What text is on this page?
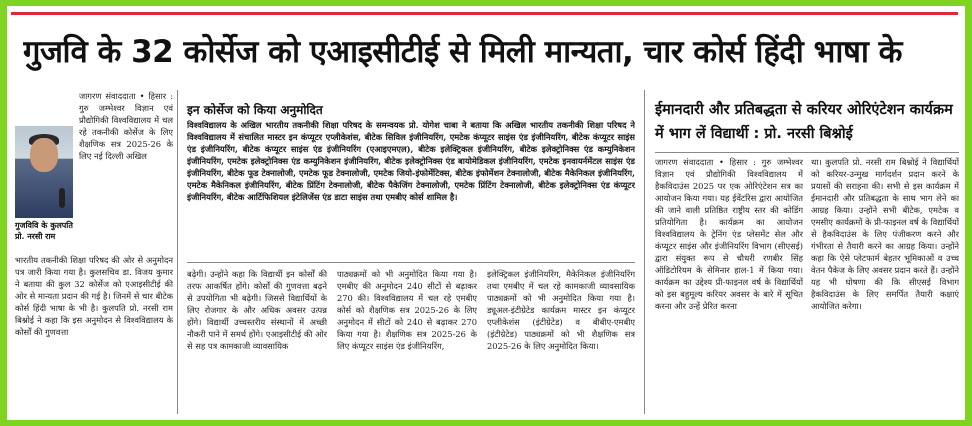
गुजवि के 32 कोर्सेज को एआइसीटीई से मिली मान्यता, चार कोर्स हिंदी भाषा के
जागरण संवाददाता • हिसार : गुरु जम्भेश्वर विज्ञान एवं प्रौद्योगिकी विश्वविद्यालय में चल रहे तकनीकी कोर्सेज के लिए शैक्षणिक सत्र 2025-26 के लिए नई दिल्ली अखिल
गुजविवि के कुलपति प्रो. नरसी राम
भारतीय तकनीकी शिक्षा परिषद की ओर से अनुमोदन पत्र जारी किया गया है। कुलसचिव डा. विजय कुमार ने बताया की कुल 32 कोर्सेज को एआइसीटीई की ओर से मान्यता प्रदान की गई है। जिनमें से चार बीटेक कोर्स हिंदी भाषा के भी है। कुलपति प्रो. नरसी राम बिश्नोई ने कहा कि इस अनुमोदन से विश्वविद्यालय के कोर्सों की गुणवत्ता
इन कोर्सेज को किया अनुमोदित
विश्वविद्यालय के अखिल भारतीय तकनीकी शिक्षा परिषद के समन्वयक प्रो. योगेश चाबा ने बताया कि अखिल भारतीय तकनीकी शिक्षा परिषद ने विश्वविद्यालय में संचालित मास्टर इन कंप्यूटर एप्लीकेशंस, बीटेक सिविल इंजीनियरिंग, एमटेक कंप्यूटर साइंस एंड इंजीनियरिंग, बीटेक कंप्यूटर साइंस एंड इंजीनियरिंग, बीटेक कंप्यूटर साइंस एंड इंजीनियरिंग (एआइएमएल), बीटेक इलेक्ट्रिकल इंजीनियरिंग, बीटेक इलेक्ट्रोनिक्स एंड कम्युनिकेशन इंजीनियरिंग, एमटेक इलेक्ट्रोनिक्स एंड कम्युनिकेशन इंजीनियरिंग, बीटेक इलेक्ट्रोनिक्स एंड बायोमेडिकल इंजीनियरिंग, एमटेक इनवायर्नमेंटल साइंस एंड इंजीनियरिंग, बीटेक फूड टेक्नालोजी, एमटेक फूड टेक्नालोजी, एमटेक जियो-इंफोर्मेटिक्स, बीटेक इंफोर्मेशन टेक्नालोजी, बीटेक मैकेनिकल इंजीनियरिंग, एमटेक मैकेनिकल इंजीनियरिंग, बीटेक प्रिंटिंग टेक्नालोजी, बीटेक पैकेजिंग टेक्नालोजी, एमटेक प्रिंटिंग टेक्नालोजी, बीटेक इलेक्ट्रोनिक्स एंड कंप्यूटर इंजीनियरिंग, बीटेक आर्टिफिशियल इंटेलिजेंस एंड डाटा साइंस तथा एमबीए कोर्स शामिल है।
बढ़ेगी। उन्होंने कहा कि विद्यार्थी इन कोर्सों की तरफ आकर्षित होंगे। कोर्सों की गुणवत्ता बढ़ने से उपयोगिता भी बढ़ेगी। जिससे विद्यार्थियों के लिए रोजगार के और अधिक अवसर उत्पन्न होंगे। विद्यार्थी उच्चस्तरीय संस्थानों में अच्छी नौकरी पाने में समर्थ होंगे। एआइसीटीई की ओर से सह पत्र कामकाजी व्यावसायिक
पाठ्यक्रमों को भी अनुमोदित किया गया है। एमबीए की अनुमोदन 240 सीटों से बढ़ाकर 270 की। विश्वविद्यालय में चल रहे एमबीए कोर्स को शैक्षणिक सत्र 2025-26 के लिए अनुमोदन में सीटों को 240 से बढ़ाकर 270 किया गया है। शैक्षणिक सत्र 2025-26 के लिए कंप्यूटर साइंस एंड इंजीनियरिंग,
इलेक्ट्रिकल इंजीनियरिंग, मैकेनिकल इंजीनियरिंग तथा एमबीए में चल रहे कामकाजी व्यावसायिक पाठ्यक्रमों को भी अनुमोदित किया गया है। ड्यूअल-इंटीग्रेटेड कार्यक्रम मास्टर इन कंप्यूटर एप्लीकेशंस (इंटीग्रेटेड) व बीबीए-एमबीए (इंटीग्रेटेड) पाठ्यक्रमों को भी शैक्षणिक सत्र 2025-26 के लिए अनुमोदित किया।
ईमानदारी और प्रतिबद्धता से करियर ओरिएंटेशन कार्यक्रम में भाग लें विद्यार्थी : प्रो. नरसी बिश्नोई
जागरण संवाददाता • हिसार : गुरु जम्भेश्वर विज्ञान एवं प्रौद्योगिकी विश्वविद्यालय में हैकविदाउंस 2025 पर एक ओरिएंटेशन सत्र का आयोजन किया गया। यह ईवेंटरिस द्वारा आयोजित की जाने वाली प्रतिष्ठित राष्ट्रीय स्तर की कोडिंग प्रतियोगिता है। कार्यक्रम का आयोजन विश्वविद्यालय के ट्रेनिंग एंड प्लेसमेंट सेल और कंप्यूटर साइंस और इंजीनियरिंग विभाग (सीएसई) द्वारा संयुक्त रूप से चौधरी रणबीर सिंह ऑडिटोरियम के सेमिनार हाल-1 में किया गया। कार्यक्रम का उद्देश्य प्री-फाइनल वर्ष के विद्यार्थियों को इस बहुमूल्य करियर अवसर के बारे में सूचित करना और उन्हें प्रेरित करना
था। कुलपति प्रो. नरसी राम बिश्नोई ने विद्यार्थियों को करियर-उन्मुख मार्गदर्शन प्रदान करने के प्रयासों की सराहना की। सभी से इस कार्यक्रम में ईमानदारी और प्रतिबद्धता के साथ भाग लेने का आग्रह किया। उन्होंने सभी बीटेक, एमटेक व एमसीए कार्यक्रमों के प्री-फाइनल वर्ष के विद्यार्थियों से हैकविदाउंस के लिए पंजीकरण करने और गंभीरता से तैयारी करने का आग्रह किया। उन्होंने कहा कि ऐसे प्लेटफार्म बेहतर भूमिकाओं व उच्च वेतन पैकेज के लिए अवसर प्रदान करते हैं। उन्होंने यह भी घोषणा की कि सीएसई विभाग हैकविदाउंस के लिए समर्पित तैयारी कक्षाएं आयोजित करेगा।
